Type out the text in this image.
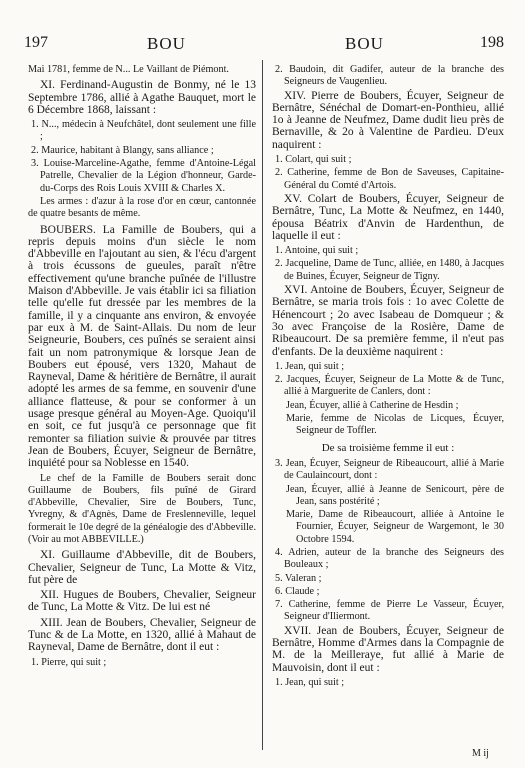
197	BOU	BOU	198

Mai 1781, femme de N... Le Vaillant de Piémont.

XI. Ferdinand-Augustin de Bonmy, né le 13 Septembre 1786, allié à Agathe Bauquet, mort le 6 Décembre 1868, laissant :

1. N..., médecin à Neufchâtel, dont seulement une fille ;

2. Maurice, habitant à Blangy, sans alliance ;

3. Louise-Marceline-Agathe, femme d'Antoine-Légal Patrelle, Chevalier de la Légion d'honneur, Garde-du-Corps des Rois Louis XVIII & Charles X.

Les armes : d'azur à la rose d'or en cœur, cantonnée de quatre besants de même.

BOUBERS. La Famille de Boubers, qui a repris depuis moins d'un siècle le nom d'Abbeville en l'ajoutant au sien, & l'écu d'argent à trois écussons de gueules, paraît n'être effectivement qu'une branche puînée de l'illustre Maison d'Abbeville. Je vais établir ici sa filiation telle qu'elle fut dressée par les membres de la famille, il y a cinquante ans environ, & envoyée par eux à M. de Saint-Allais. Du nom de leur Seigneurie, Boubers, ces puînés se seraient ainsi fait un nom patronymique & lorsque Jean de Boubers eut épousé, vers 1320, Mahaut de Rayneval, Dame & héritière de Bernâtre, il aurait adopté les armes de sa femme, en souvenir d'une alliance flatteuse, & pour se conformer à un usage presque général au Moyen-Age. Quoiqu'il en soit, ce fut jusqu'à ce personnage que fit remonter sa filiation suivie & prouvée par titres Jean de Boubers, Écuyer, Seigneur de Bernâtre, inquiété pour sa Noblesse en 1540.

Le chef de la Famille de Boubers serait donc Guillaume de Boubers, fils puîné de Girard d'Abbeville, Chevalier, Sire de Boubers, Tunc, Yvregny, & d'Agnès, Dame de Freslenneville, lequel formerait le 10e degré de la généalogie des d'Abbeville. (Voir au mot ABBEVILLE.)

XI. Guillaume d'Abbeville, dit de Boubers, Chevalier, Seigneur de Tunc, La Motte & Vitz, fut père de

XII. Hugues de Boubers, Chevalier, Seigneur de Tunc, La Motte & Vitz. De lui est né

XIII. Jean de Boubers, Chevalier, Seigneur de Tunc & de La Motte, en 1320, allié à Mahaut de Rayneval, Dame de Bernâtre, dont il eut :

1. Pierre, qui suit ;

2. Baudoin, dit Gadifer, auteur de la branche des Seigneurs de Vaugenlieu.

XIV. Pierre de Boubers, Écuyer, Seigneur de Bernâtre, Sénéchal de Domart-en-Ponthieu, allié 1o à Jeanne de Neufmez, Dame dudit lieu près de Bernaville, & 2o à Valentine de Pardieu. D'eux naquirent :

1. Colart, qui suit ;

2. Catherine, femme de Bon de Saveuses, Capitaine-Général du Comté d'Artois.

XV. Colart de Boubers, Écuyer, Seigneur de Bernâtre, Tunc, La Motte & Neufmez, en 1440, épousa Béatrix d'Anvin de Hardenthun, de laquelle il eut :

1. Antoine, qui suit ;

2. Jacqueline, Dame de Tunc, alliée, en 1480, à Jacques de Buines, Écuyer, Seigneur de Tigny.

XVI. Antoine de Boubers, Écuyer, Seigneur de Bernâtre, se maria trois fois : 1o avec Colette de Hénencourt ; 2o avec Isabeau de Domqueur ; & 3o avec Françoise de la Rosière, Dame de Ribeaucourt. De sa première femme, il n'eut pas d'enfants. De la deuxième naquirent :

1. Jean, qui suit ;

2. Jacques, Écuyer, Seigneur de La Motte & de Tunc, allié à Marguerite de Canlers, dont :

Jean, Écuyer, allié à Catherine de Hesdin ;

Marie, femme de Nicolas de Licques, Écuyer, Seigneur de Toffler.

De sa troisième femme il eut :

3. Jean, Écuyer, Seigneur de Ribeaucourt, allié à Marie de Caulaincourt, dont :

Jean, Écuyer, allié à Jeanne de Senicourt, père de Jean, sans postérité ;

Marie, Dame de Ribeaucourt, alliée à Antoine le Fournier, Écuyer, Seigneur de Wargemont, le 30 Octobre 1594.

4. Adrien, auteur de la branche des Seigneurs des Bouleaux ;

5. Valeran ;

6. Claude ;

7. Catherine, femme de Pierre Le Vasseur, Écuyer, Seigneur d'Iliermont.

XVII. Jean de Boubers, Écuyer, Seigneur de Bernâtre, Homme d'Armes dans la Compagnie de M. de la Meilleraye, fut allié à Marie de Mauvoisin, dont il eut :

1. Jean, qui suit ;

M ij
